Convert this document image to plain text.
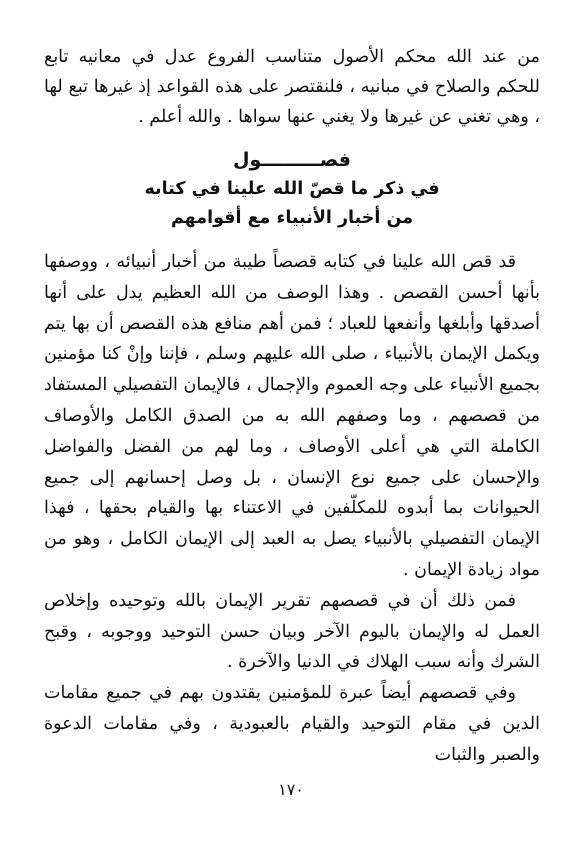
من عند الله محكم الأصول متناسب الفروع عدل في معانيه تابع للحكم والصلاح في مبانيه ، فلنقتصر على هذه القواعد إذ غيرها تبع لها ، وهي تغني عن غيرها ولا يغني عنها سواها . والله أعلم .

فصـــــــــول
في ذكر ما قصّ الله علينا في كتابه
من أخبار الأنبياء مع أقوامهم

قد قص الله علينا في كتابه قصصاً طيبة من أخبار أنبيائه ، ووصفها بأنها أحسن القصص . وهذا الوصف من الله العظيم يدل على أنها أصدقها وأبلغها وأنفعها للعباد ؛ فمن أهم منافع هذه القصص أن بها يتم ويكمل الإيمان بالأنبياء ، صلى الله عليهم وسلم ، فإننا وإنْ كنا مؤمنين بجميع الأنبياء على وجه العموم والإجمال ، فالإيمان التفصيلي المستفاد من قصصهم ، وما وصفهم الله به من الصدق الكامل والأوصاف الكاملة التي هي أعلى الأوصاف ، وما لهم من الفضل والفواضل والإحسان على جميع نوع الإنسان ، بل وصل إحسانهم إلى جميع الحيوانات بما أبدوه للمكلّفين في الاعتناء بها والقيام بحقها ، فهذا الإيمان التفصيلي بالأنبياء يصل به العبد إلى الإيمان الكامل ، وهو من مواد زيادة الإيمان .

فمن ذلك أن في قصصهم تقرير الإيمان بالله وتوحيده وإخلاص العمل له والإيمان باليوم الآخر وبيان حسن التوحيد ووجوبه ، وقبح الشرك وأنه سبب الهلاك في الدنيا والآخرة .

وفي قصصهم أيضاً عبرة للمؤمنين يقتدون بهم في جميع مقامات الدين في مقام التوحيد والقيام بالعبودية ، وفي مقامات الدعوة والصبر والثبات

١٧٠
